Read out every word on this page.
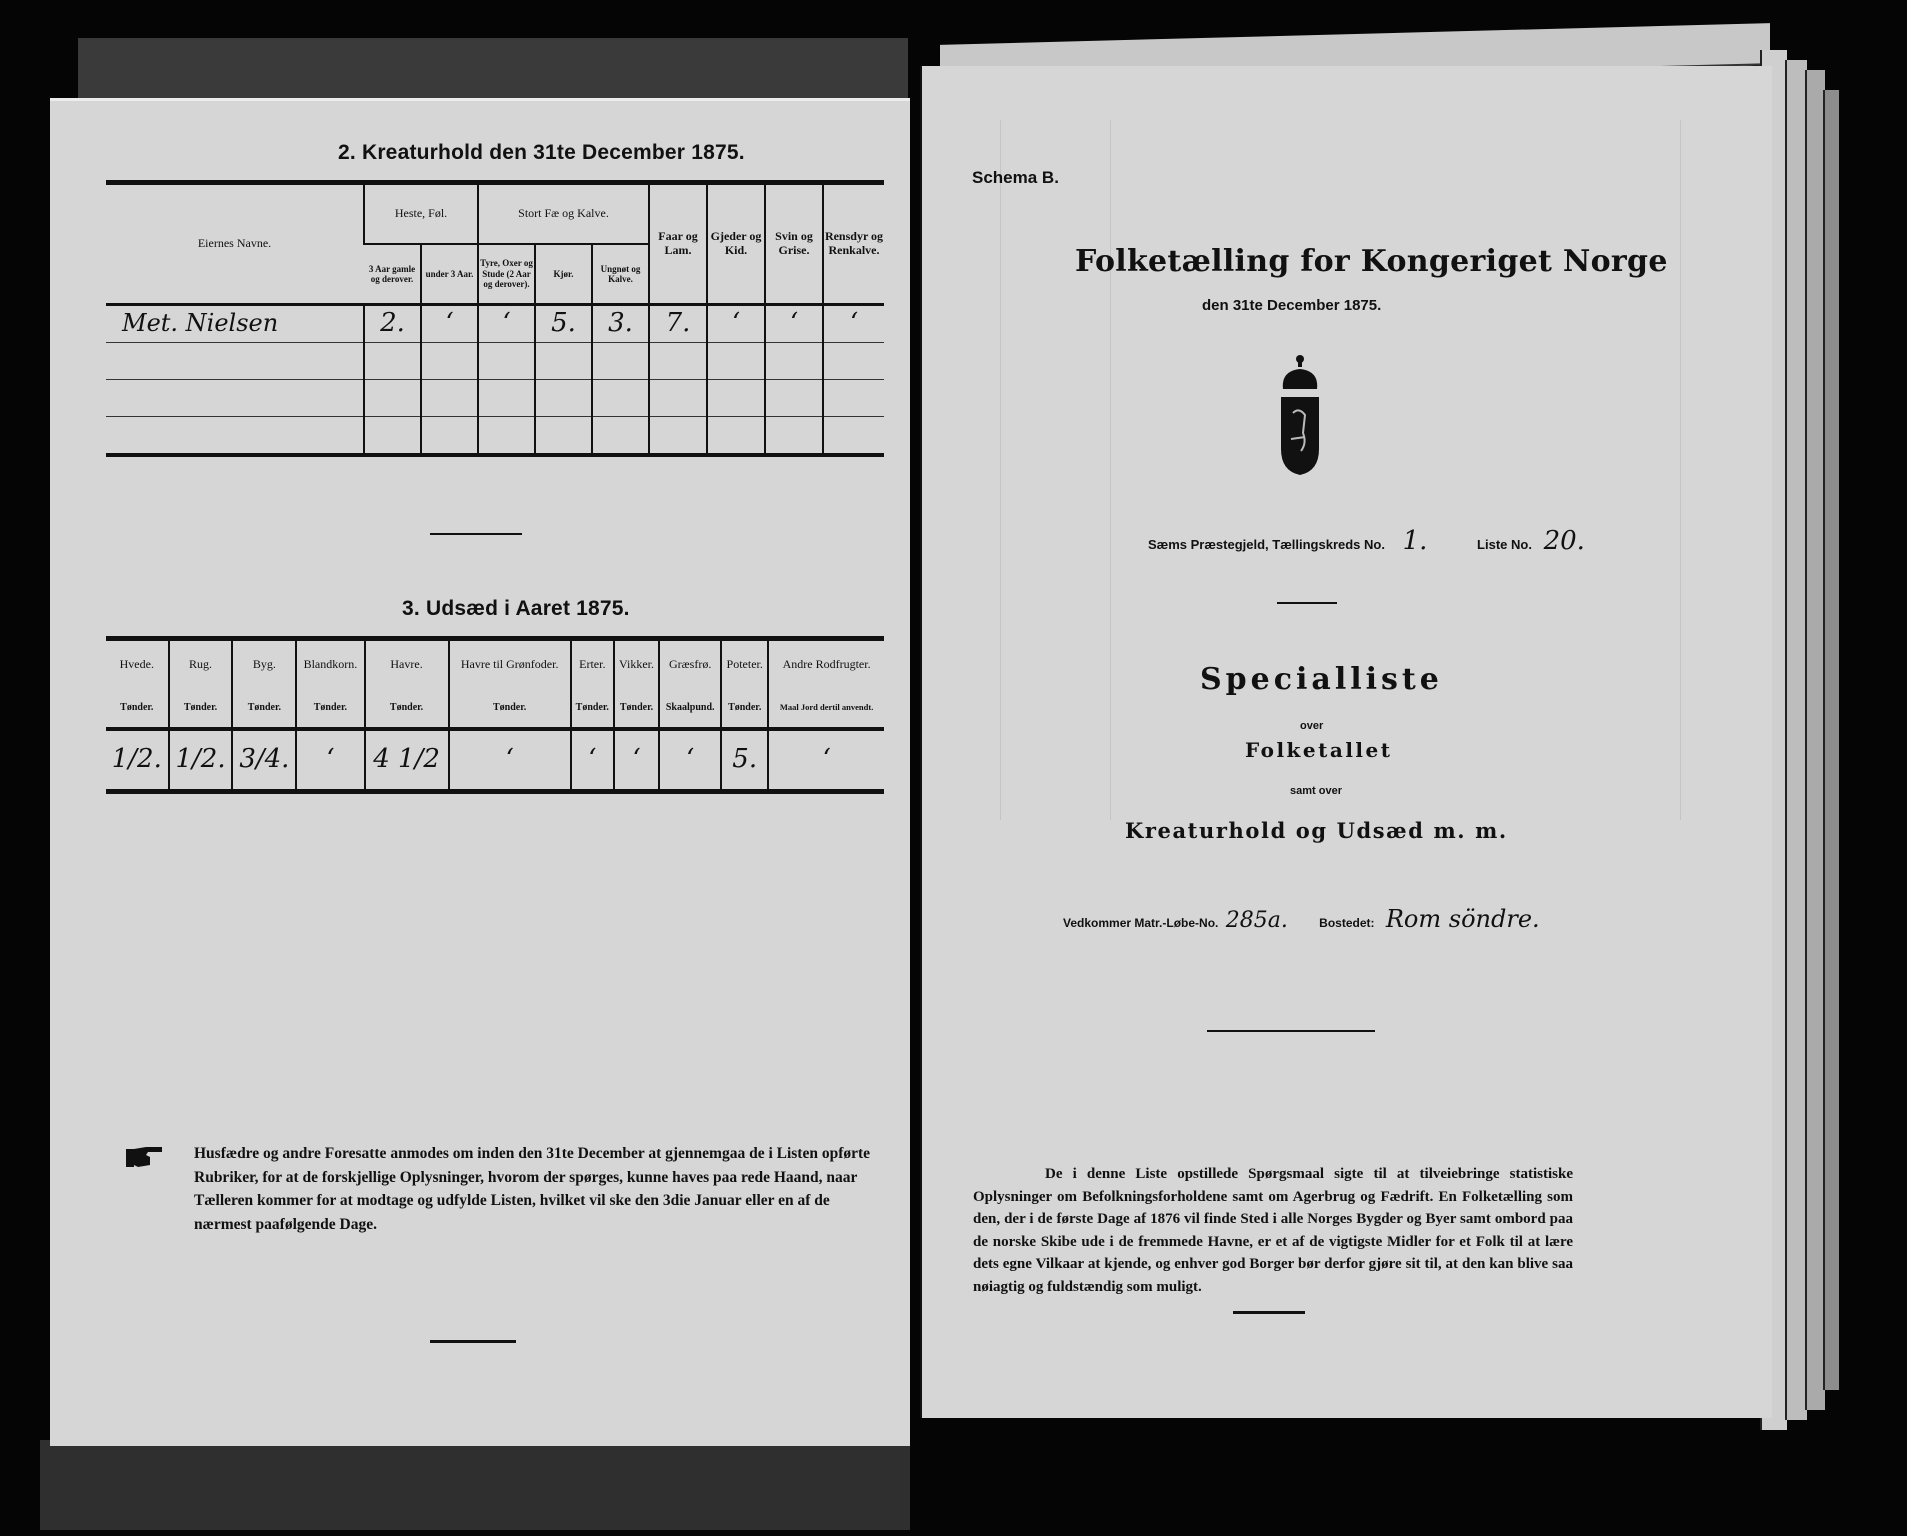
2. Kreaturhold den 31te December 1875.
Eiernes Navne.	Heste, Føl.		Stort Fæ og Kalve.			Faar og Lam.	Gjeder og Kid.	Svin og Grise.	Rensdyr og Renkalve.
	3 Aar gamle og derover.	under 3 Aar.	Tyre, Oxer og Stude (2 Aar og derover).	Kjør.	Ungnøt og Kalve.				
Met. Nielsen	2.	‘	‘	5.	3.	7.	‘	‘	‘

3. Udsæd i Aaret 1875.
Hvede.	Rug.	Byg.	Blandkorn.	Havre.	Havre til Grønfoder.	Erter.	Vikker.	Græsfrø.	Poteter.	Andre Rodfrugter.
Tønder.	Tønder.	Tønder.	Tønder.	Tønder.	Tønder.	Tønder.	Tønder.	Skaalpund.	Tønder.	Maal Jord dertil anvendt.
1/2.	1/2.	3/4.	‘	4 1/2	‘	‘	‘	‘	5.	‘
Husfædre og andre Foresatte anmodes om inden den 31te December at gjennemgaa de i Listen opførte Rubriker, for at de forskjellige Oplysninger, hvorom der spørges, kunne haves paa rede Haand, naar Tælleren kommer for at modtage og udfylde Listen, hvilket vil ske den 3die Januar eller en af de nærmest paafølgende Dage.
Schema B.
Folketælling for Kongeriget Norge
den 31te December 1875.
Sæms Præstegjeld, Tællingskreds No. 1.	Liste No. 20.
Specialliste
over
Folketallet
samt over
Kreaturhold og Udsæd m. m.
Vedkommer Matr.-Løbe-No. 285a.	Bostedet: Rom söndre.
De i denne Liste opstillede Spørgsmaal sigte til at tilveiebringe statistiske Oplysninger om Befolkningsforholdene samt om Agerbrug og Fædrift. En Folketælling som den, der i de første Dage af 1876 vil finde Sted i alle Norges Bygder og Byer samt ombord paa de norske Skibe ude i de fremmede Havne, er et af de vigtigste Midler for et Folk til at lære dets egne Vilkaar at kjende, og enhver god Borger bør derfor gjøre sit til, at den kan blive saa nøiagtig og fuldstændig som muligt.
